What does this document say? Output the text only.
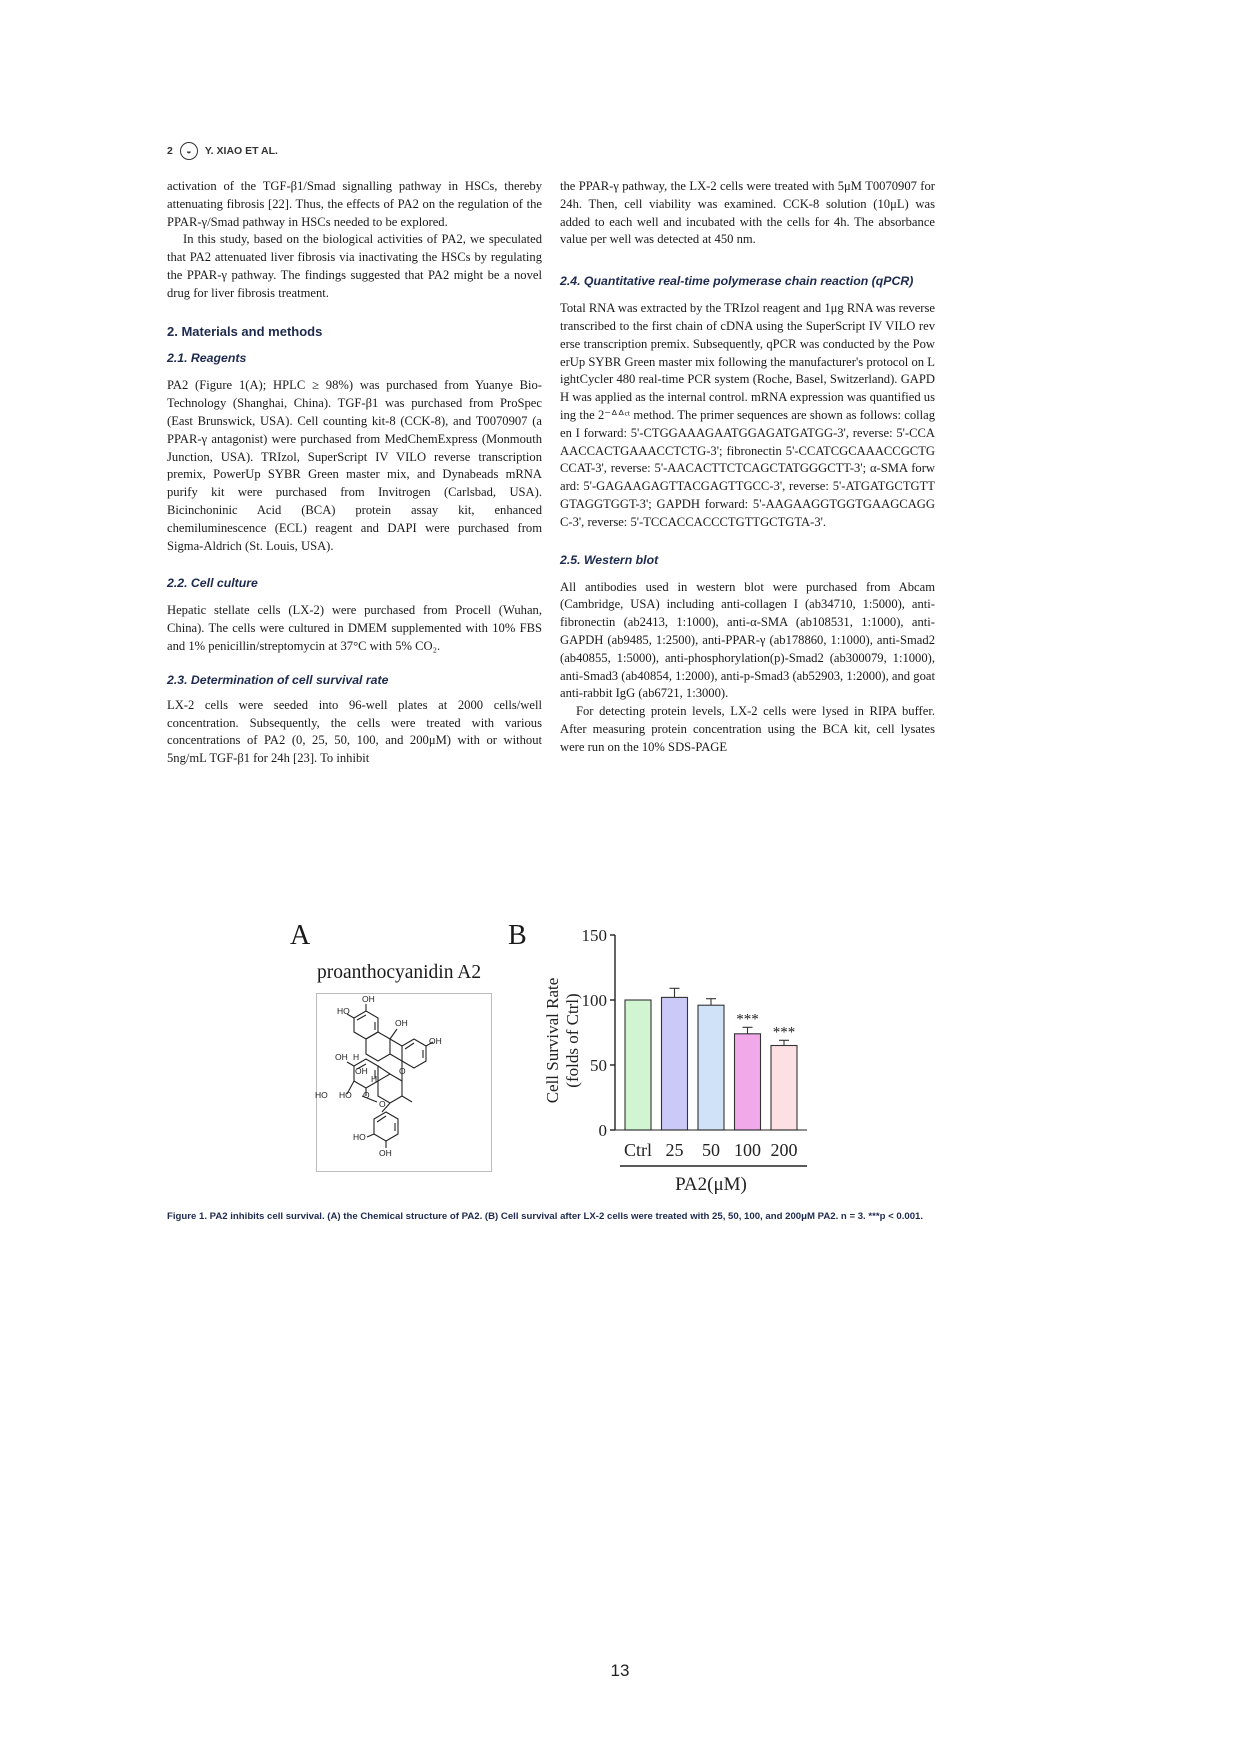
2	◒	Y. XIAO ET AL.

activation of the TGF-β1/Smad signalling pathway in HSCs, thereby attenuating fibrosis [22]. Thus, the effects of PA2 on the regulation of the PPAR-γ/Smad pathway in HSCs needed to be explored.

In this study, based on the biological activities of PA2, we speculated that PA2 attenuated liver fibrosis via inactivating the HSCs by regulating the PPAR-γ pathway. The findings suggested that PA2 might be a novel drug for liver fibrosis treatment.

2. Materials and methods

2.1. Reagents

PA2 (Figure 1(A); HPLC ≥ 98%) was purchased from Yuanye Bio-Technology (Shanghai, China). TGF-β1 was purchased from ProSpec (East Brunswick, USA). Cell counting kit-8 (CCK-8), and T0070907 (a PPAR-γ antagonist) were purchased from MedChemExpress (Monmouth Junction, USA). TRIzol, SuperScript IV VILO reverse transcription premix, PowerUp SYBR Green master mix, and Dynabeads mRNA purify kit were purchased from Invitrogen (Carlsbad, USA). Bicinchoninic Acid (BCA) protein assay kit, enhanced chemiluminescence (ECL) reagent and DAPI were purchased from Sigma-Aldrich (St. Louis, USA).

2.2. Cell culture

Hepatic stellate cells (LX-2) were purchased from Procell (Wuhan, China). The cells were cultured in DMEM supplemented with 10% FBS and 1% penicillin/streptomycin at 37°C with 5% CO₂.

2.3. Determination of cell survival rate

LX-2 cells were seeded into 96-well plates at 2000 cells/well concentration. Subsequently, the cells were treated with various concentrations of PA2 (0, 25, 50, 100, and 200μM) with or without 5ng/mL TGF-β1 for 24h [23]. To inhibit

the PPAR-γ pathway, the LX-2 cells were treated with 5μM T0070907 for 24h. Then, cell viability was examined. CCK-8 solution (10μL) was added to each well and incubated with the cells for 4h. The absorbance value per well was detected at 450 nm.

2.4. Quantitative real-time polymerase chain reaction (qPCR)

Total RNA was extracted by the TRIzol reagent and 1μg RNA was reverse transcribed to the first chain of cDNA using the SuperScript IV VILO reverse transcription premix. Subsequently, qPCR was conducted by the PowerUp SYBR Green master mix following the manufacturer's protocol on LightCycler 480 real-time PCR system (Roche, Basel, Switzerland). GAPDH was applied as the internal control. mRNA expression was quantified using the 2⁻ᐞᐞᶜᵗ method. The primer sequences are shown as follows: collagen I forward: 5'-CTGGAAAGAATGGAGATGATGG-3', reverse: 5'-CCAAACCACTGAAACCTCTG-3'; fibronectin 5'-CCATCGCAAACCGCTGCCAT-3', reverse: 5'-AACACTTCTCAGCTATGGGCTT-3'; α-SMA forward: 5'-GAGAAGAGTTACGAGTTGCC-3', reverse: 5'-ATGATGCTGTTGTAGGTGGT-3'; GAPDH forward: 5'-AAGAAGGTGGTGAAGCAGGC-3', reverse: 5'-TCCACCACCCTGTTGCTGTA-3'.

2.5. Western blot

All antibodies used in western blot were purchased from Abcam (Cambridge, USA) including anti-collagen I (ab34710, 1:5000), anti-fibronectin (ab2413, 1:1000), anti-α-SMA (ab108531, 1:1000), anti-GAPDH (ab9485, 1:2500), anti-PPAR-γ (ab178860, 1:1000), anti-Smad2 (ab40855, 1:5000), anti-phosphorylation(p)-Smad2 (ab300079, 1:1000), anti-Smad3 (ab40854, 1:2000), anti-p-Smad3 (ab52903, 1:2000), and goat anti-rabbit IgG (ab6721, 1:3000).

For detecting protein levels, LX-2 cells were lysed in RIPA buffer. After measuring protein concentration using the BCA kit, cell lysates were run on the 10% SDS-PAGE

A
proanthocyanidin A2
HO
OH
OH
OH
OH H
O
OH
HO HO
H
O
O
HO
OH
B
0
50
100
150
Cell Survival Rate (folds of Ctrl)
Ctrl 25 50
***
100
***
200
PA2(μM)
Figure 1. PA2 inhibits cell survival. (A) the Chemical structure of PA2. (B) Cell survival after LX-2 cells were treated with 25, 50, 100, and 200μM PA2. n = 3. ***p < 0.001.
13
